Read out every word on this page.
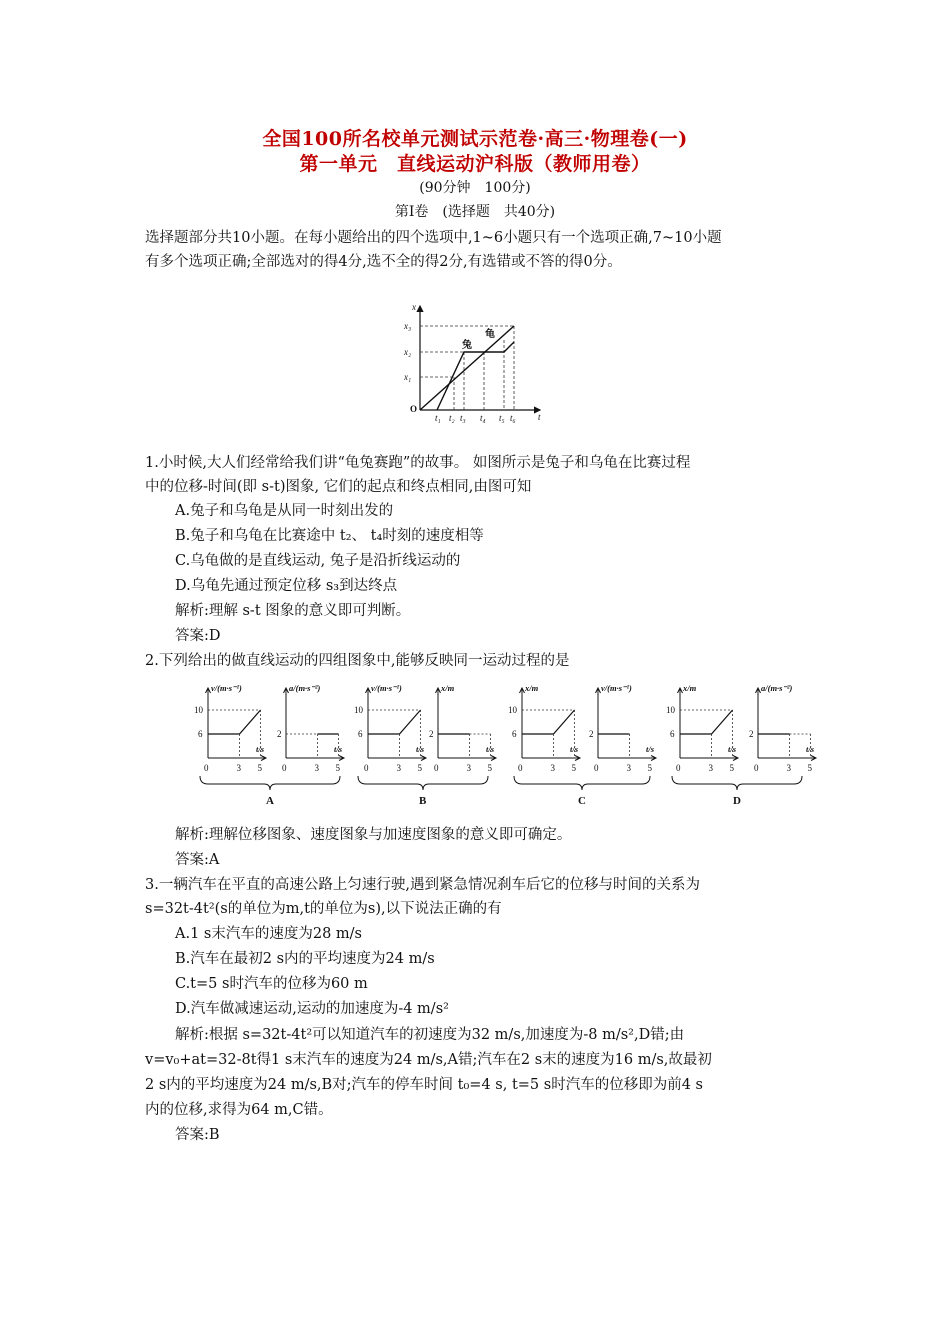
全国100所名校单元测试示范卷·高三·物理卷(一)
第一单元　直线运动沪科版（教师用卷）
(90分钟　100分)
第Ⅰ卷　(选择题　共40分)
选择题部分共10小题。在每小题给出的四个选项中,1~6小题只有一个选项正确,7~10小题
有多个选项正确;全部选对的得4分,选不全的得2分,有选错或不答的得0分。
O
x
t
x₁
x₂
x₃
t₁ t₂ t₃ t₄ t₅ t₆
兔
龟
1.小时候,大人们经常给我们讲“龟兔赛跑”的故事。 如图所示是兔子和乌龟在比赛过程
中的位移-时间(即 s-t)图象, 它们的起点和终点相同,由图可知
A.兔子和乌龟是从同一时刻出发的
B.兔子和乌龟在比赛途中 t₂、 t₄时刻的速度相等
C.乌龟做的是直线运动, 兔子是沿折线运动的
D.乌龟先通过预定位移 s₃到达终点
解析:理解 s-t 图象的意义即可判断。
答案:D
2.下列给出的做直线运动的四组图象中,能够反映同一运动过程的是
v/(m·s⁻¹)
t/s
0	3 5
6
10
a/(m·s⁻²)
t/s
0	3 5
2
A
v/(m·s⁻¹)
t/s
0	3 5
6
10
x/m
t/s
0	3 5
2
B
x/m
t/s
0	3 5
6
10
v/(m·s⁻¹)
t/s
0	3 5
2
C
x/m
t/s
0	3 5
6
10
a/(m·s⁻²)
t/s
0	3 5
2
D
解析:理解位移图象、速度图象与加速度图象的意义即可确定。
答案:A
3.一辆汽车在平直的高速公路上匀速行驶,遇到紧急情况刹车后它的位移与时间的关系为
s=32t-4t²(s的单位为m,t的单位为s),以下说法正确的有
A.1 s末汽车的速度为28 m/s
B.汽车在最初2 s内的平均速度为24 m/s
C.t=5 s时汽车的位移为60 m
D.汽车做减速运动,运动的加速度为-4 m/s²
解析:根据 s=32t-4t²可以知道汽车的初速度为32 m/s,加速度为-8 m/s²,D错;由
v=v₀+at=32-8t得1 s末汽车的速度为24 m/s,A错;汽车在2 s末的速度为16 m/s,故最初
2 s内的平均速度为24 m/s,B对;汽车的停车时间 t₀=4 s, t=5 s时汽车的位移即为前4 s
内的位移,求得为64 m,C错。
答案:B
